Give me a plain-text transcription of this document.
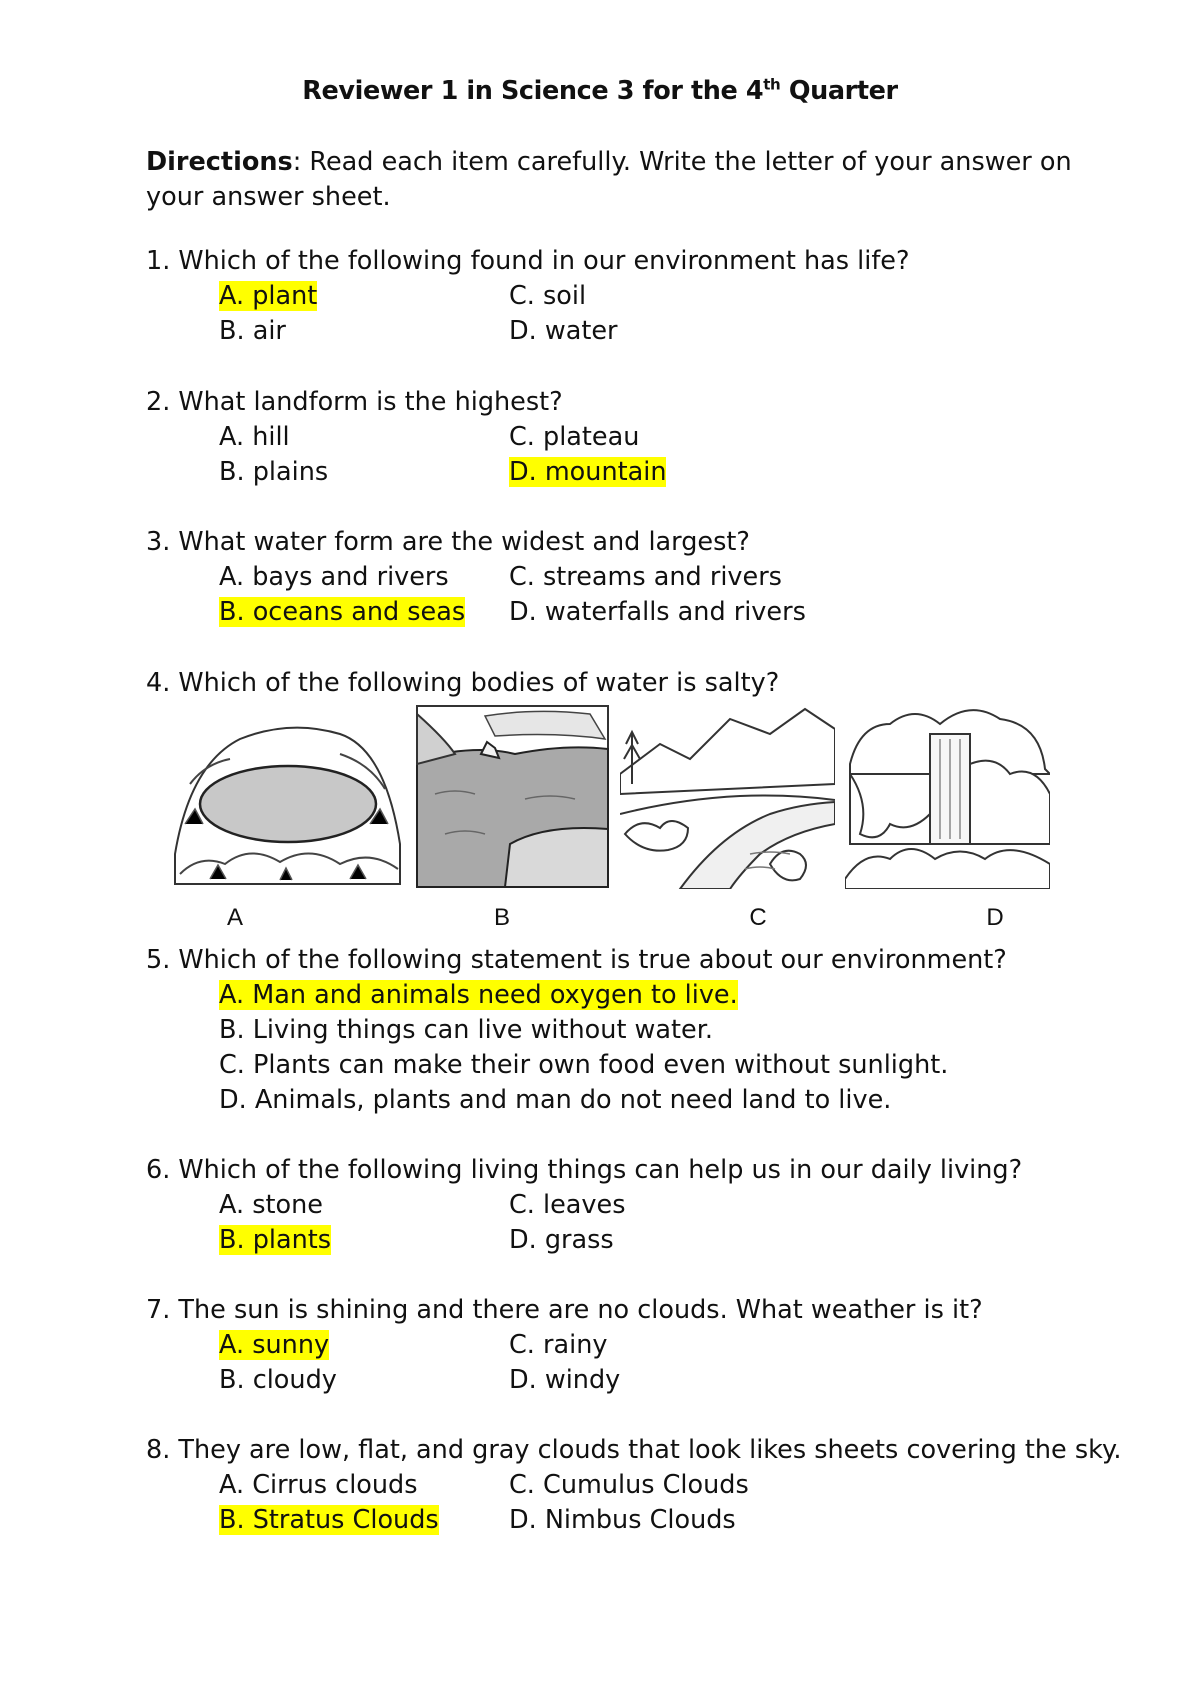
Reviewer 1 in Science 3 for the 4th Quarter
Directions: Read each item carefully. Write the letter of your answer on your answer sheet.
1. Which of the following found in our environment has life?
A. plant	C. soil
B. air	D. water
2. What landform is the highest?
A. hill	C. plateau
B. plains	D. mountain
3. What water form are the widest and largest?
A. bays and rivers	C. streams and rivers
B. oceans and seas	D. waterfalls and rivers
4. Which of the following bodies of water is salty?
A	B	C	D
5. Which of the following statement is true about our environment?
A. Man and animals need oxygen to live.
B. Living things can live without water.
C. Plants can make their own food even without sunlight.
D. Animals, plants and man do not need land to live.
6. Which of the following living things can help us in our daily living?
A. stone	C. leaves
B. plants	D. grass
7. The sun is shining and there are no clouds. What weather is it?
A. sunny	C. rainy
B. cloudy	D. windy
8. They are low, flat, and gray clouds that look likes sheets covering the sky.
A. Cirrus clouds	C. Cumulus Clouds
B. Stratus Clouds	D. Nimbus Clouds
